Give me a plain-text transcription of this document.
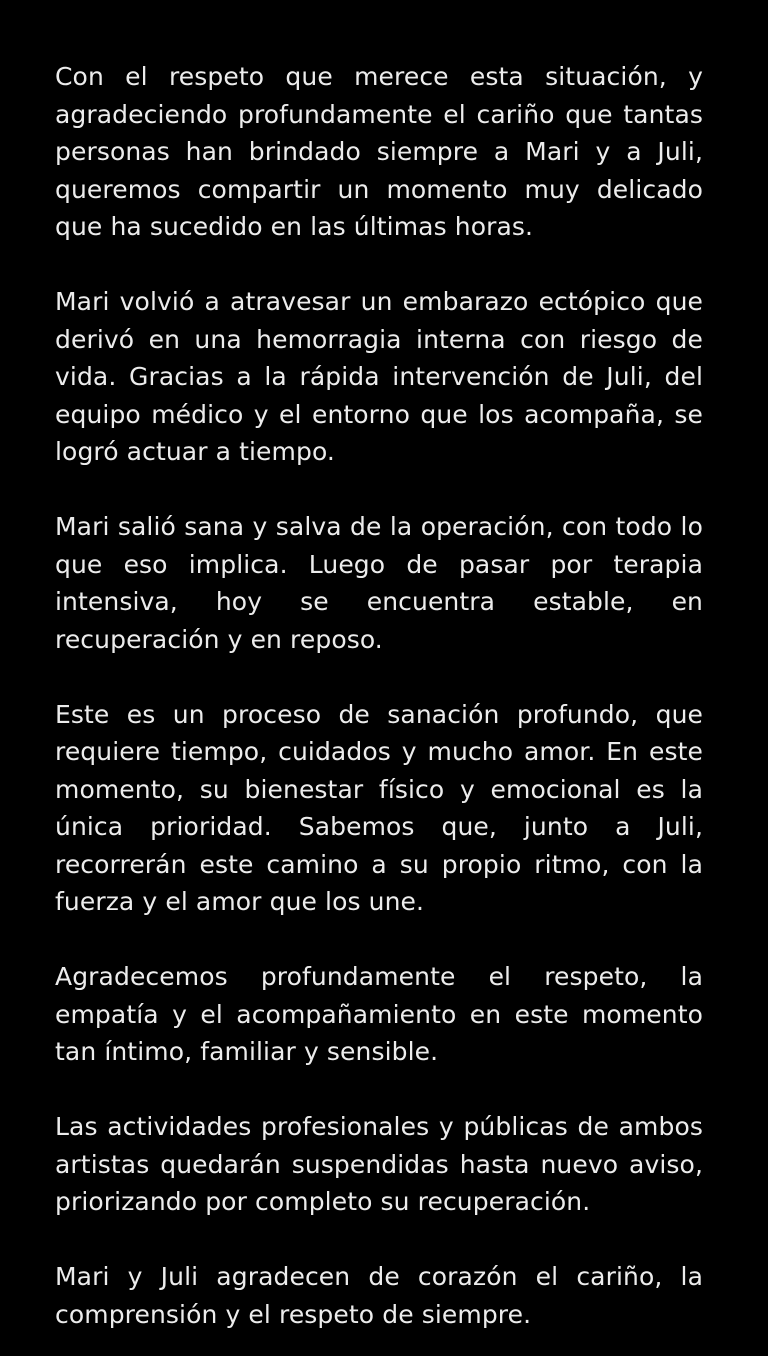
Con el respeto que merece esta situación, y agradeciendo profundamente el cariño que tantas personas han brindado siempre a Mari y a Juli, queremos compartir un momento muy delicado que ha sucedido en las últimas horas.

Mari volvió a atravesar un embarazo ectópico que derivó en una hemorragia interna con riesgo de vida. Gracias a la rápida intervención de Juli, del equipo médico y el entorno que los acompaña, se logró actuar a tiempo.

Mari salió sana y salva de la operación, con todo lo que eso implica. Luego de pasar por terapia intensiva, hoy se encuentra estable, en recuperación y en reposo.

Este es un proceso de sanación profundo, que requiere tiempo, cuidados y mucho amor. En este momento, su bienestar físico y emocional es la única prioridad. Sabemos que, junto a Juli, recorrerán este camino a su propio ritmo, con la fuerza y el amor que los une.

Agradecemos profundamente el respeto, la empatía y el acompañamiento en este momento tan íntimo, familiar y sensible.

Las actividades profesionales y públicas de ambos artistas quedarán suspendidas hasta nuevo aviso, priorizando por completo su recuperación.

Mari y Juli agradecen de corazón el cariño, la comprensión y el respeto de siempre.
